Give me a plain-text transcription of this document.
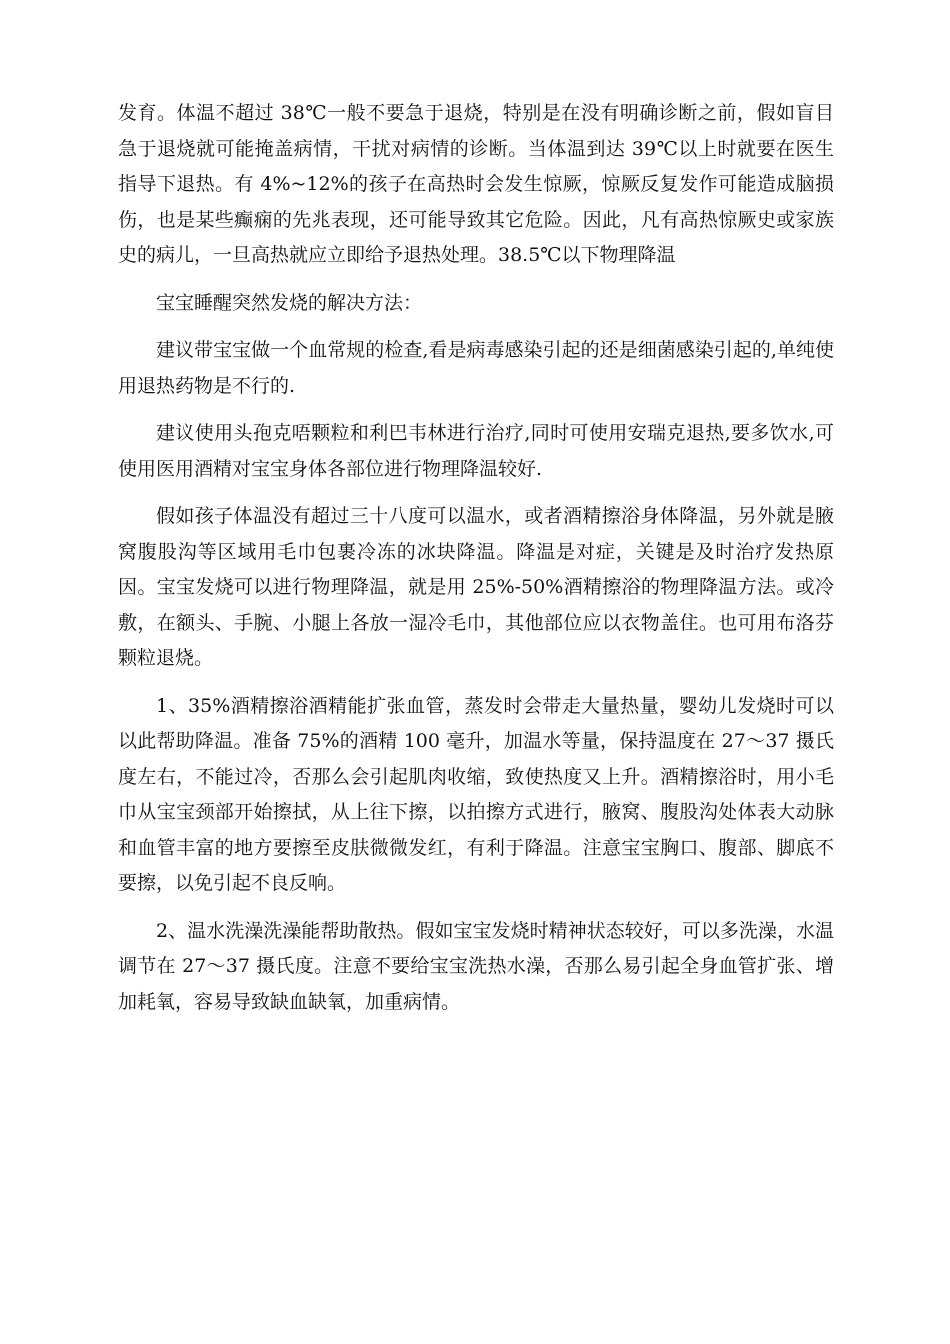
发育。体温不超过 38℃一般不要急于退烧，特别是在没有明确诊断之前，假如盲目急于退烧就可能掩盖病情，干扰对病情的诊断。当体温到达 39℃以上时就要在医生指导下退热。有 4%~12%的孩子在高热时会发生惊厥，惊厥反复发作可能造成脑损伤，也是某些癫痫的先兆表现，还可能导致其它危险。因此，凡有高热惊厥史或家族史的病儿，一旦高热就应立即给予退热处理。38.5℃以下物理降温

宝宝睡醒突然发烧的解决方法：

建议带宝宝做一个血常规的检查,看是病毒感染引起的还是细菌感染引起的,单纯使用退热药物是不行的.

建议使用头孢克唔颗粒和利巴韦林进行治疗,同时可使用安瑞克退热,要多饮水,可使用医用酒精对宝宝身体各部位进行物理降温较好.

假如孩子体温没有超过三十八度可以温水，或者酒精擦浴身体降温，另外就是腋窝腹股沟等区域用毛巾包裹冷冻的冰块降温。降温是对症，关键是及时治疗发热原因。宝宝发烧可以进行物理降温，就是用 25%-50%酒精擦浴的物理降温方法。或冷敷，在额头、手腕、小腿上各放一湿冷毛巾，其他部位应以衣物盖住。也可用布洛芬颗粒退烧。

1、35%酒精擦浴酒精能扩张血管，蒸发时会带走大量热量，婴幼儿发烧时可以以此帮助降温。准备 75%的酒精 100 毫升，加温水等量，保持温度在 27～37 摄氏度左右，不能过冷，否那么会引起肌肉收缩，致使热度又上升。酒精擦浴时，用小毛巾从宝宝颈部开始擦拭，从上往下擦，以拍擦方式进行，腋窝、腹股沟处体表大动脉和血管丰富的地方要擦至皮肤微微发红，有利于降温。注意宝宝胸口、腹部、脚底不要擦，以免引起不良反响。

2、温水洗澡洗澡能帮助散热。假如宝宝发烧时精神状态较好，可以多洗澡，水温调节在 27～37 摄氏度。注意不要给宝宝洗热水澡，否那么易引起全身血管扩张、增加耗氧，容易导致缺血缺氧，加重病情。
